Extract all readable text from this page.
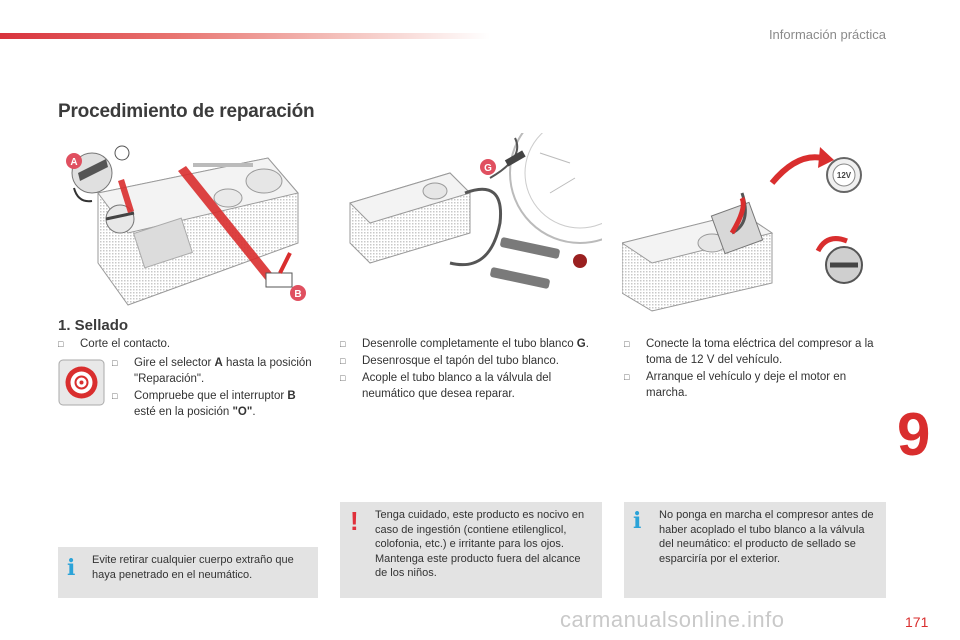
Información práctica
Procedimiento de reparación
A
B
G
12V
1. Sellado
□ Corte el contacto.
□ Gire el selector A hasta la posición "Reparación".
□ Compruebe que el interruptor B esté en la posición "O".
□ Desenrolle completamente el tubo blanco G.
□ Desenrosque el tapón del tubo blanco.
□ Acople el tubo blanco a la válvula del neumático que desea reparar.
□ Conecte la toma eléctrica del compresor a la toma de 12 V del vehículo.
□ Arranque el vehículo y deje el motor en marcha.
i Evite retirar cualquier cuerpo extraño que haya penetrado en el neumático.

! Tenga cuidado, este producto es nocivo en caso de ingestión (contiene etilenglicol, colofonia, etc.) e irritante para los ojos.
Mantenga este producto fuera del alcance de los niños.

i No ponga en marcha el compresor antes de haber acoplado el tubo blanco a la válvula del neumático: el producto de sellado se esparciría por el exterior.

9
carmanualsonline.info	171
